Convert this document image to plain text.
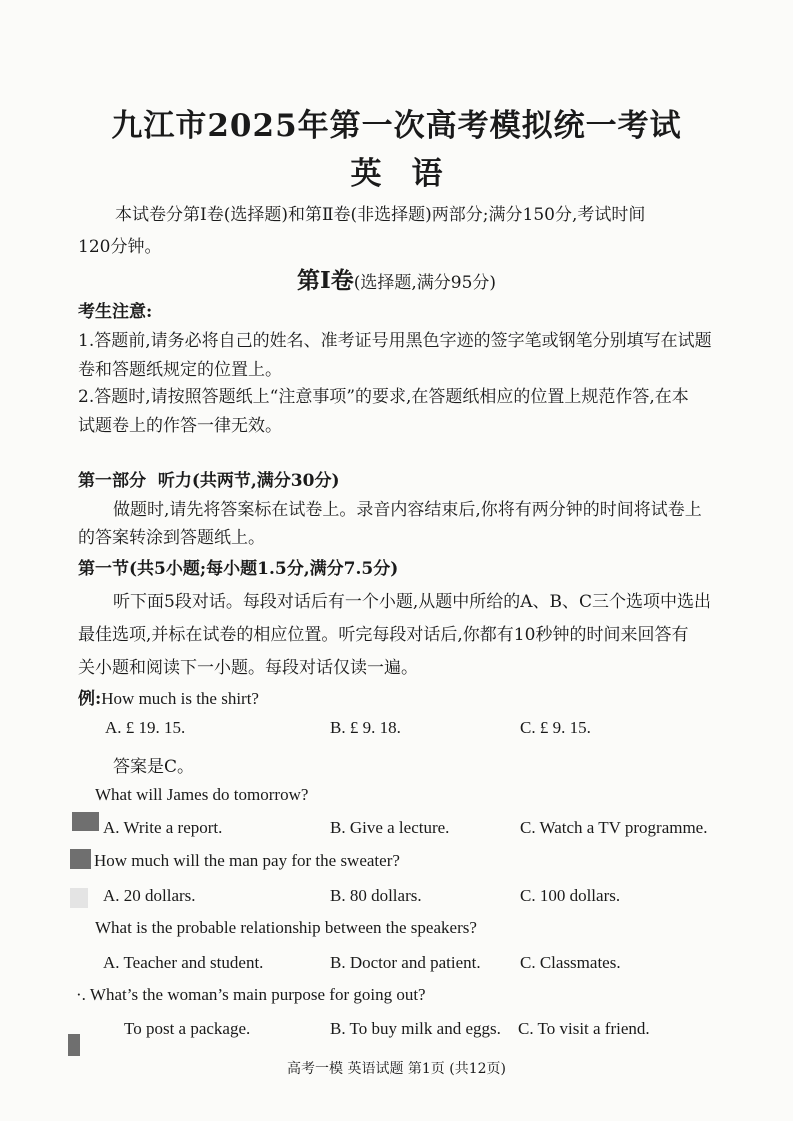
九江市2025年第一次高考模拟统一考试
英语
本试卷分第Ⅰ卷(选择题)和第Ⅱ卷(非选择题)两部分;满分150分,考试时间
120分钟。
第Ⅰ卷(选择题,满分95分)
考生注意:
1.答题前,请务必将自己的姓名、准考证号用黑色字迹的签字笔或钢笔分别填写在试题
卷和答题纸规定的位置上。
2.答题时,请按照答题纸上“注意事项”的要求,在答题纸相应的位置上规范作答,在本
试题卷上的作答一律无效。
第一部分  听力(共两节,满分30分)
做题时,请先将答案标在试卷上。录音内容结束后,你将有两分钟的时间将试卷上
的答案转涂到答题纸上。
第一节(共5小题;每小题1.5分,满分7.5分)
听下面5段对话。每段对话后有一个小题,从题中所给的A、B、C三个选项中选出
最佳选项,并标在试卷的相应位置。听完每段对话后,你都有10秒钟的时间来回答有
关小题和阅读下一小题。每段对话仅读一遍。
例:How much is the shirt?
A. £ 19. 15.	B. £ 9. 18.	C. £ 9. 15.
答案是C。
What will James do tomorrow?
A. Write a report.	B. Give a lecture.	C. Watch a TV programme.
How much will the man pay for the sweater?
A. 20 dollars.	B. 80 dollars.	C. 100 dollars.
What is the probable relationship between the speakers?
A. Teacher and student.	B. Doctor and patient. C. Classmates.
·. What’s the woman’s main purpose for going out?
To post a package.	B. To buy milk and eggs. C. To visit a friend.
高考一模 英语试题 第1页 (共12页)
